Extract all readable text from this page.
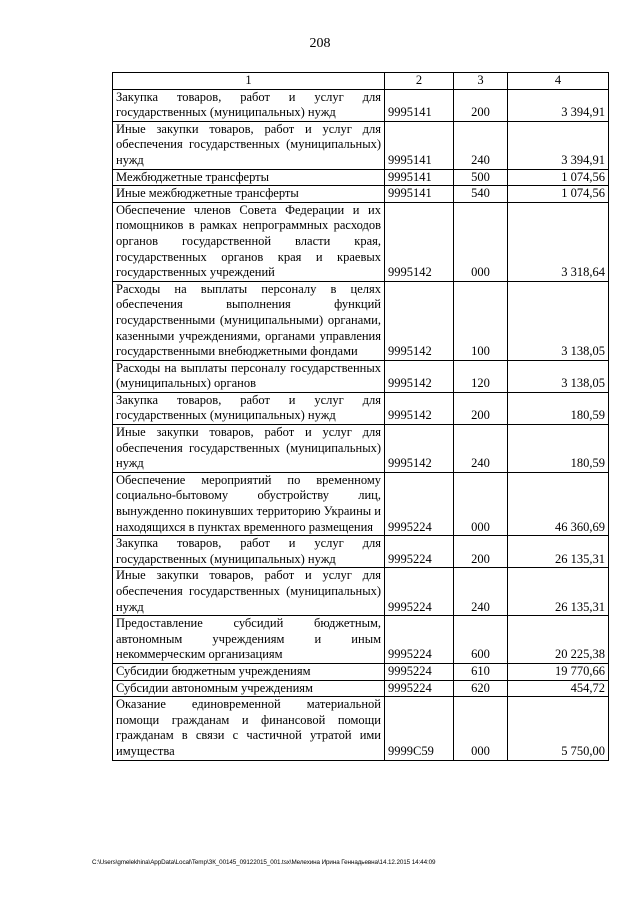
208
1	2	3	4
Закупка товаров, работ и услуг для государственных (муниципальных) нужд	9995141	200	3 394,91
Иные закупки товаров, работ и услуг для обеспечения государственных (муниципальных) нужд	9995141	240	3 394,91
Межбюджетные трансферты	9995141	500	1 074,56
Иные межбюджетные трансферты	9995141	540	1 074,56
Обеспечение членов Совета Федерации и их помощников в рамках непрограммных расходов органов государственной власти края, государственных органов края и краевых государственных учреждений	9995142	000	3 318,64
Расходы на выплаты персоналу в целях обеспечения выполнения функций государственными (муниципальными) органами, казенными учреждениями, органами управления государственными внебюджетными фондами	9995142	100	3 138,05
Расходы на выплаты персоналу государственных (муниципальных) органов	9995142	120	3 138,05
Закупка товаров, работ и услуг для государственных (муниципальных) нужд	9995142	200	180,59
Иные закупки товаров, работ и услуг для обеспечения государственных (муниципальных) нужд	9995142	240	180,59
Обеспечение мероприятий по временному социально-бытовому обустройству лиц, вынужденно покинувших территорию Украины и находящихся в пунктах временного размещения	9995224	000	46 360,69
Закупка товаров, работ и услуг для государственных (муниципальных) нужд	9995224	200	26 135,31
Иные закупки товаров, работ и услуг для обеспечения государственных (муниципальных) нужд	9995224	240	26 135,31
Предоставление субсидий бюджетным, автономным учреждениям и иным некоммерческим организациям	9995224	600	20 225,38
Субсидии бюджетным учреждениям	9995224	610	19 770,66
Субсидии автономным учреждениям	9995224	620	454,72
Оказание единовременной материальной помощи гражданам и финансовой помощи гражданам в связи с частичной утратой ими имущества	9999C59	000	5 750,00
C:\Users\gmelekhina\AppData\Local\Temp\ЗК_00145_09122015_001.tsx\Мелехина Ирина Геннадьевна\14.12.2015 14:44:09
